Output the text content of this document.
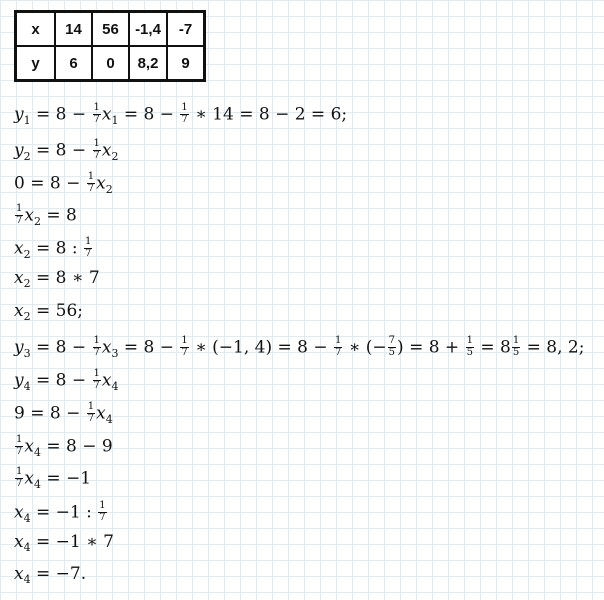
x	14	56	-1,4	-7
y	6	0	8,2	9
$y_1 = 8 - \frac{1}{7} x_1 = 8 - \frac{1}{7}$ ∗ 14 = 8 − 2 = 6;
$y_2 = 8 - \frac{1}{7} x_2$
$0 = 8 - \frac{1}{7} x_2$
$\frac{1}{7} x_2 = 8$
$x_2 = 8$ : $\frac{1}{7}$
$x_2 = 8$ ∗ 7
$x_2 = 56$;
$y_3 = 8 - \frac{1}{7} x_3 = 8 - \frac{1}{7}$ ∗ (−1, $4) = 8 - \frac{1}{7}$ ∗ (− $\frac{7}{5}$ ) = $8 + \frac{1}{5} = 8 \frac{1}{5} = 8$, 2;
$y_4 = 8 - \frac{1}{7} x_4$
$9 = 8 - \frac{1}{7} x_4$
$\frac{1}{7} x_4 = 8 - 9$
$\frac{1}{7} x_4 = -1$
$x_4 = -1$ : $\frac{1}{7}$
$x_4 = -1$ ∗ 7
$x_4 = -7$.
